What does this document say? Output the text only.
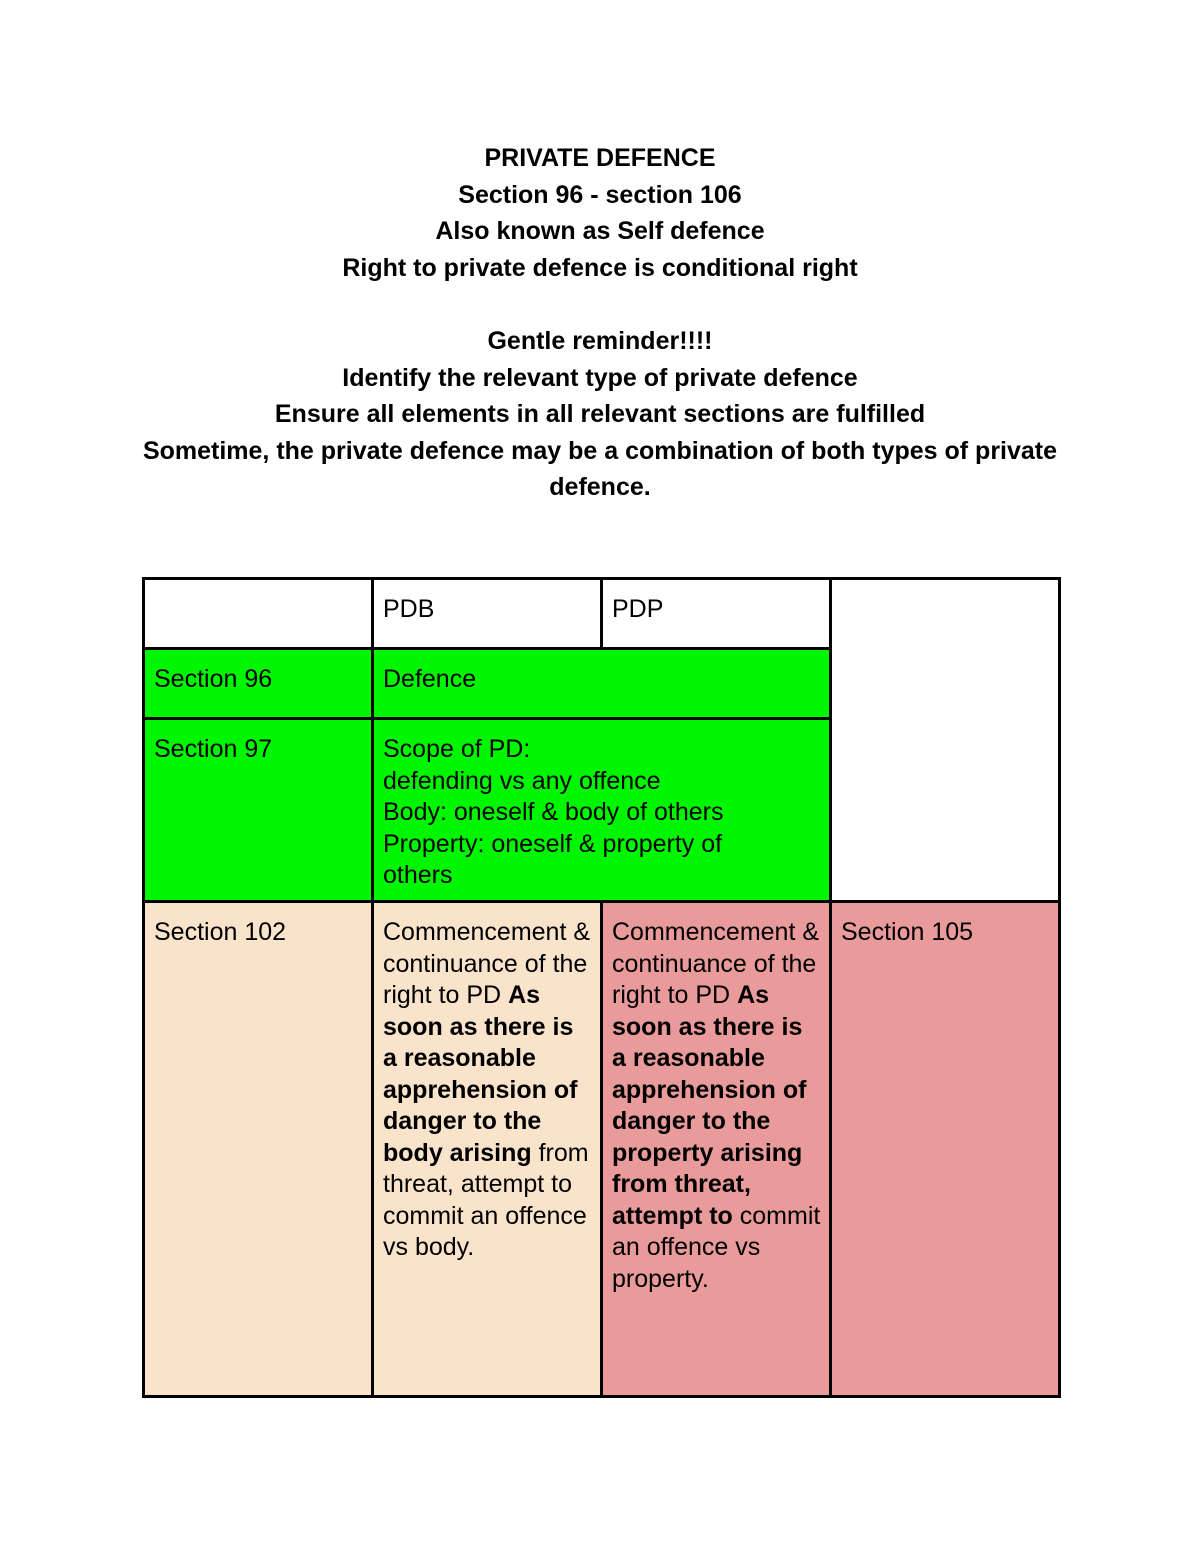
PRIVATE DEFENCE
Section 96 - section 106
Also known as Self defence
Right to private defence is conditional right
Gentle reminder!!!!
Identify the relevant type of private defence
Ensure all elements in all relevant sections are fulfilled
Sometime, the private defence may be a combination of both types of private defence.
	PDB	PDP	
Section 96	Defence		
Section 97	Scope of PD:
defending vs any offence
Body: oneself & body of others
Property: oneself & property of others		

Section 102	Commencement & continuance of the right to PD As soon as there is a reasonable apprehension of danger to the body arising from threat, attempt to commit an offence vs body.	Commencement & continuance of the right to PD As soon as there is a reasonable apprehension of danger to the property arising from threat, attempt to commit an offence vs property.	Section 105
